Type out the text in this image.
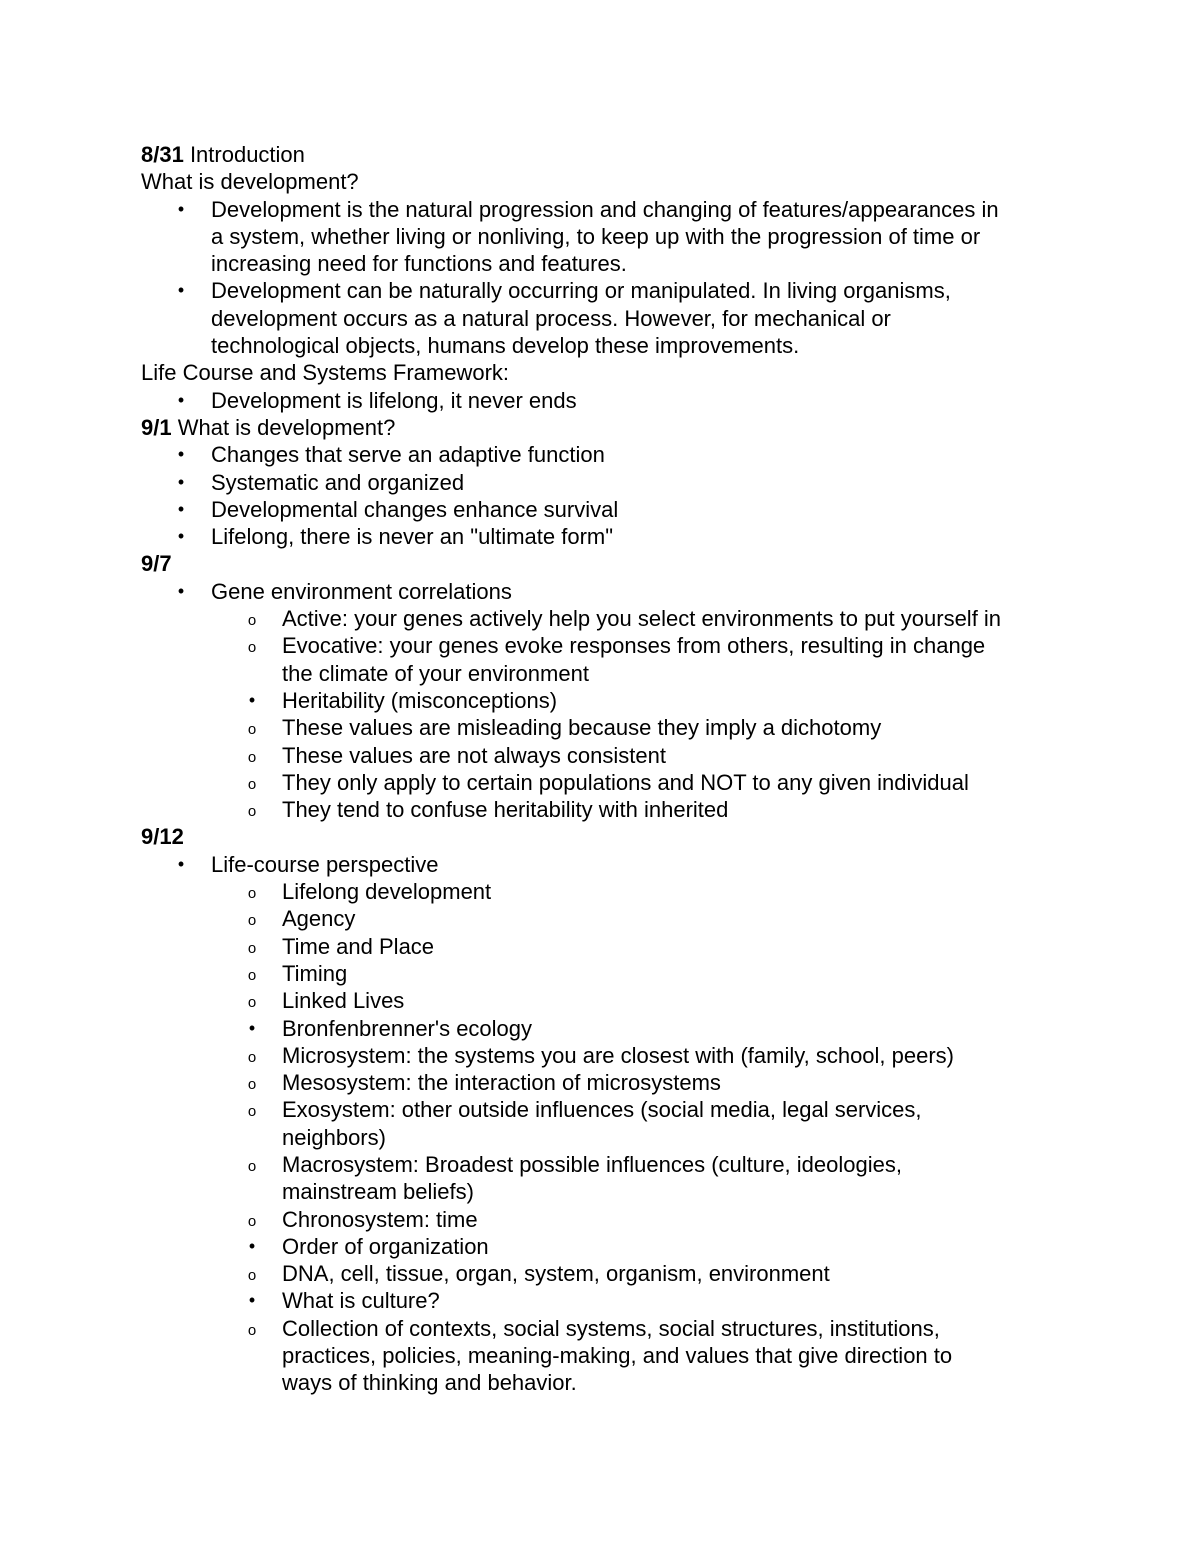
8/31 Introduction
What is development?
• Development is the natural progression and changing of features/appearances in
a system, whether living or nonliving, to keep up with the progression of time or
increasing need for functions and features.
• Development can be naturally occurring or manipulated. In living organisms,
development occurs as a natural process. However, for mechanical or
technological objects, humans develop these improvements.
Life Course and Systems Framework:
• Development is lifelong, it never ends
9/1 What is development?
• Changes that serve an adaptive function
• Systematic and organized
• Developmental changes enhance survival
• Lifelong, there is never an "ultimate form"
9/7
• Gene environment correlations
o Active: your genes actively help you select environments to put yourself in
o Evocative: your genes evoke responses from others, resulting in change
the climate of your environment
• Heritability (misconceptions)
o These values are misleading because they imply a dichotomy
o These values are not always consistent
o They only apply to certain populations and NOT to any given individual
o They tend to confuse heritability with inherited
9/12
• Life-course perspective
o Lifelong development
o Agency
o Time and Place
o Timing
o Linked Lives
• Bronfenbrenner's ecology
o Microsystem: the systems you are closest with (family, school, peers)
o Mesosystem: the interaction of microsystems
o Exosystem: other outside influences (social media, legal services,
neighbors)
o Macrosystem: Broadest possible influences (culture, ideologies,
mainstream beliefs)
o Chronosystem: time
• Order of organization
o DNA, cell, tissue, organ, system, organism, environment
• What is culture?
o Collection of contexts, social systems, social structures, institutions,
practices, policies, meaning-making, and values that give direction to
ways of thinking and behavior.
